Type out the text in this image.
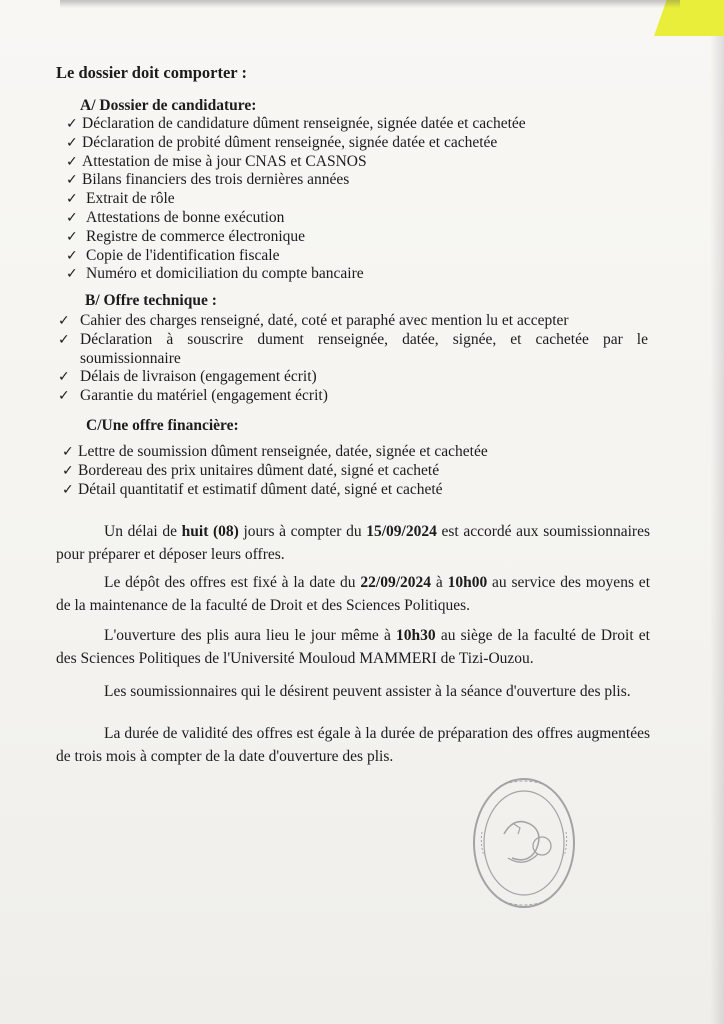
Le dossier doit comporter :
A/ Dossier de candidature:
✓ Déclaration de candidature dûment renseignée, signée datée et cachetée
✓ Déclaration de probité dûment renseignée, signée datée et cachetée
✓ Attestation de mise à jour CNAS et CASNOS
✓ Bilans financiers des trois dernières années
✓ Extrait de rôle
✓ Attestations de bonne exécution
✓ Registre de commerce électronique
✓ Copie de l'identification fiscale
✓ Numéro et domiciliation du compte bancaire
B/ Offre technique :
✓ Cahier des charges renseigné, daté, coté et paraphé avec mention lu et accepter
✓ Déclaration à souscrire dument renseignée, datée, signée, et cachetée par le soumissionnaire
✓ Délais de livraison (engagement écrit)
✓ Garantie du matériel (engagement écrit)
C/Une offre financière:
✓ Lettre de soumission dûment renseignée, datée, signée et cachetée
✓ Bordereau des prix unitaires dûment daté, signé et cacheté
✓ Détail quantitatif et estimatif dûment daté, signé et cacheté

Un délai de huit (08) jours à compter du 15/09/2024 est accordé aux soumissionnaires pour préparer et déposer leurs offres.

Le dépôt des offres est fixé à la date du 22/09/2024 à 10h00 au service des moyens et de la maintenance de la faculté de Droit et des Sciences Politiques.

L'ouverture des plis aura lieu le jour même à 10h30 au siège de la faculté de Droit et des Sciences Politiques de l'Université Mouloud MAMMERI de Tizi-Ouzou.

Les soumissionnaires qui le désirent peuvent assister à la séance d'ouverture des plis.

La durée de validité des offres est égale à la durée de préparation des offres augmentées de trois mois à compter de la date d'ouverture des plis.
